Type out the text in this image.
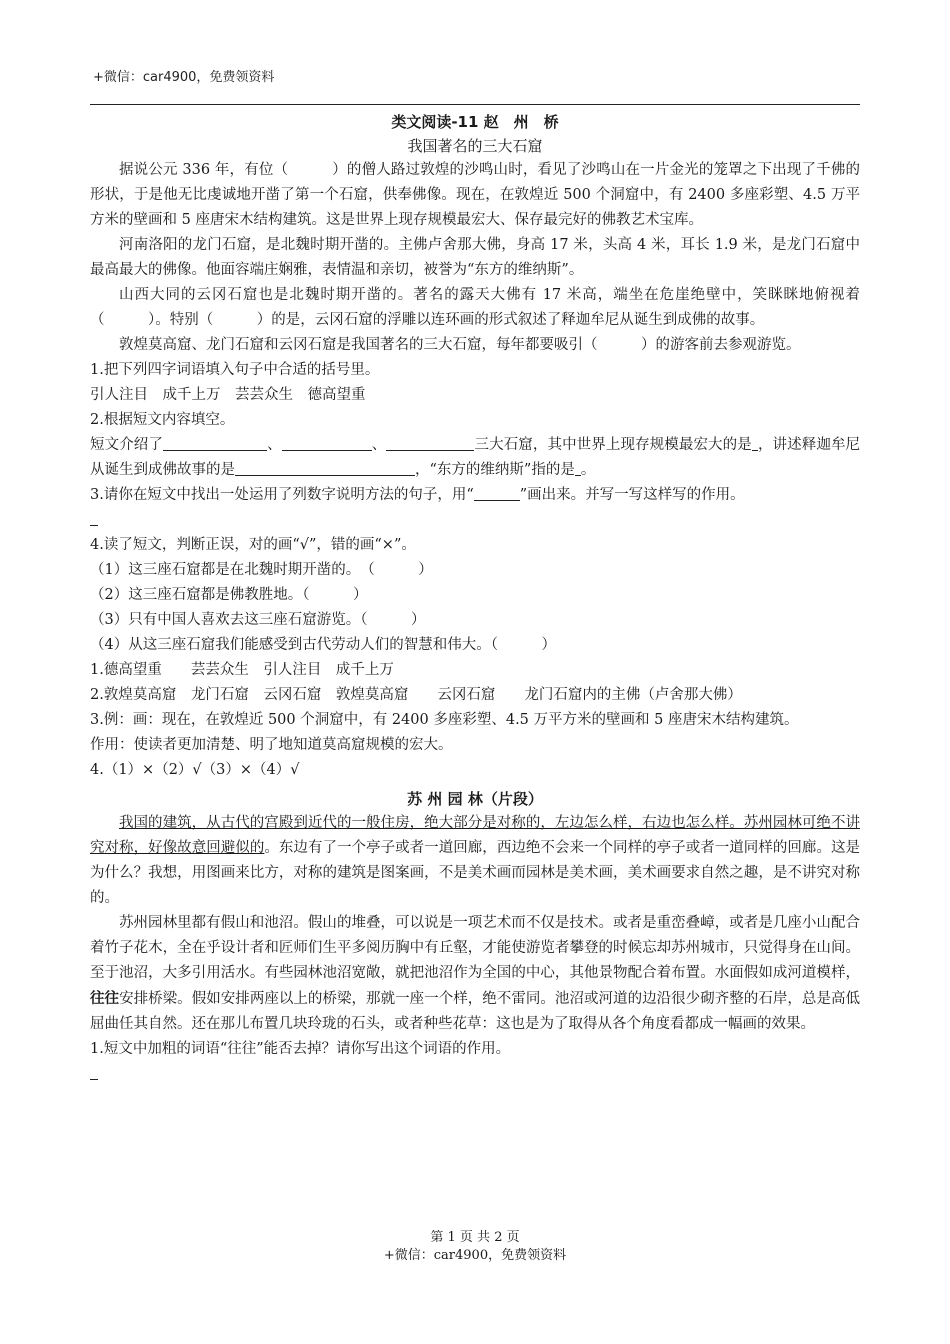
+微信：car4900，免费领资料
类文阅读-11 赵　州　桥
我国著名的三大石窟

据说公元 336 年，有位（　　　）的僧人路过敦煌的沙鸣山时，看见了沙鸣山在一片金光的笼罩之下出现了千佛的形状，于是他无比虔诚地开凿了第一个石窟，供奉佛像。现在，在敦煌近 500 个洞窟中，有 2400 多座彩塑、4.5 万平方米的壁画和 5 座唐宋木结构建筑。这是世界上现存规模最宏大、保存最完好的佛教艺术宝库。

河南洛阳的龙门石窟，是北魏时期开凿的。主佛卢舍那大佛，身高 17 米，头高 4 米，耳长 1.9 米，是龙门石窟中最高最大的佛像。他面容端庄娴雅，表情温和亲切，被誉为“东方的维纳斯”。

山西大同的云冈石窟也是北魏时期开凿的。著名的露天大佛有 17 米高，端坐在危崖绝壁中，笑眯眯地俯视着（　　　）。特别（　　　）的是，云冈石窟的浮雕以连环画的形式叙述了释迦牟尼从诞生到成佛的故事。

敦煌莫高窟、龙门石窟和云冈石窟是我国著名的三大石窟，每年都要吸引（　　　）的游客前去参观游览。

1.把下列四字词语填入句子中合适的括号里。

引人注目　成千上万　芸芸众生　德高望重

2.根据短文内容填空。

短文介绍了	、	、	三大石窟，其中世界上现存规模最宏大的是 ，讲述释迦牟尼从诞生到成佛故事的是	，“东方的维纳斯”指的是 。

3.请你在短文中找出一处运用了列数字说明方法的句子，用“	”画出来。并写一写这样写的作用。

4.读了短文，判断正误，对的画“√”，错的画“×”。

（1）这三座石窟都是在北魏时期开凿的。　（　　　）

（2）这三座石窟都是佛教胜地。（　　　）

（3）只有中国人喜欢去这三座石窟游览。（　　　）

（4）从这三座石窟我们能感受到古代劳动人们的智慧和伟大。（　　　）

1.德高望重　　芸芸众生　引人注目　成千上万

2.敦煌莫高窟　龙门石窟　云冈石窟　敦煌莫高窟　　云冈石窟　　龙门石窟内的主佛（卢舍那大佛）

3.例：画：现在，在敦煌近 500 个洞窟中，有 2400 多座彩塑、4.5 万平方米的壁画和 5 座唐宋木结构建筑。

作用：使读者更加清楚、明了地知道莫高窟规模的宏大。

4.（1）×（2）√（3）×（4）√

苏 州 园 林（片段）

我国的建筑，从古代的宫殿到近代的一般住房，绝大部分是对称的，左边怎么样，右边也怎么样。苏州园林可绝不讲究对称，好像故意回避似的。东边有了一个亭子或者一道回廊，西边绝不会来一个同样的亭子或者一道同样的回廊。这是为什么？我想，用图画来比方，对称的建筑是图案画，不是美术画而园林是美术画，美术画要求自然之趣，是不讲究对称的。

苏州园林里都有假山和池沼。假山的堆叠，可以说是一项艺术而不仅是技术。或者是重峦叠嶂，或者是几座小山配合着竹子花木，全在乎设计者和匠师们生平多阅历胸中有丘壑，才能使游览者攀登的时候忘却苏州城市，只觉得身在山间。至于池沼，大多引用活水。有些园林池沼宽敞，就把池沼作为全国的中心，其他景物配合着布置。水面假如成河道模样，往往安排桥梁。假如安排两座以上的桥梁，那就一座一个样，绝不雷同。池沼或河道的边沿很少砌齐整的石岸，总是高低屈曲任其自然。还在那儿布置几块玲珑的石头，或者种些花草：这也是为了取得从各个角度看都成一幅画的效果。

1.短文中加粗的词语“往往”能否去掉？请你写出这个词语的作用。

第 1 页 共 2 页
+微信：car4900，免费领资料
